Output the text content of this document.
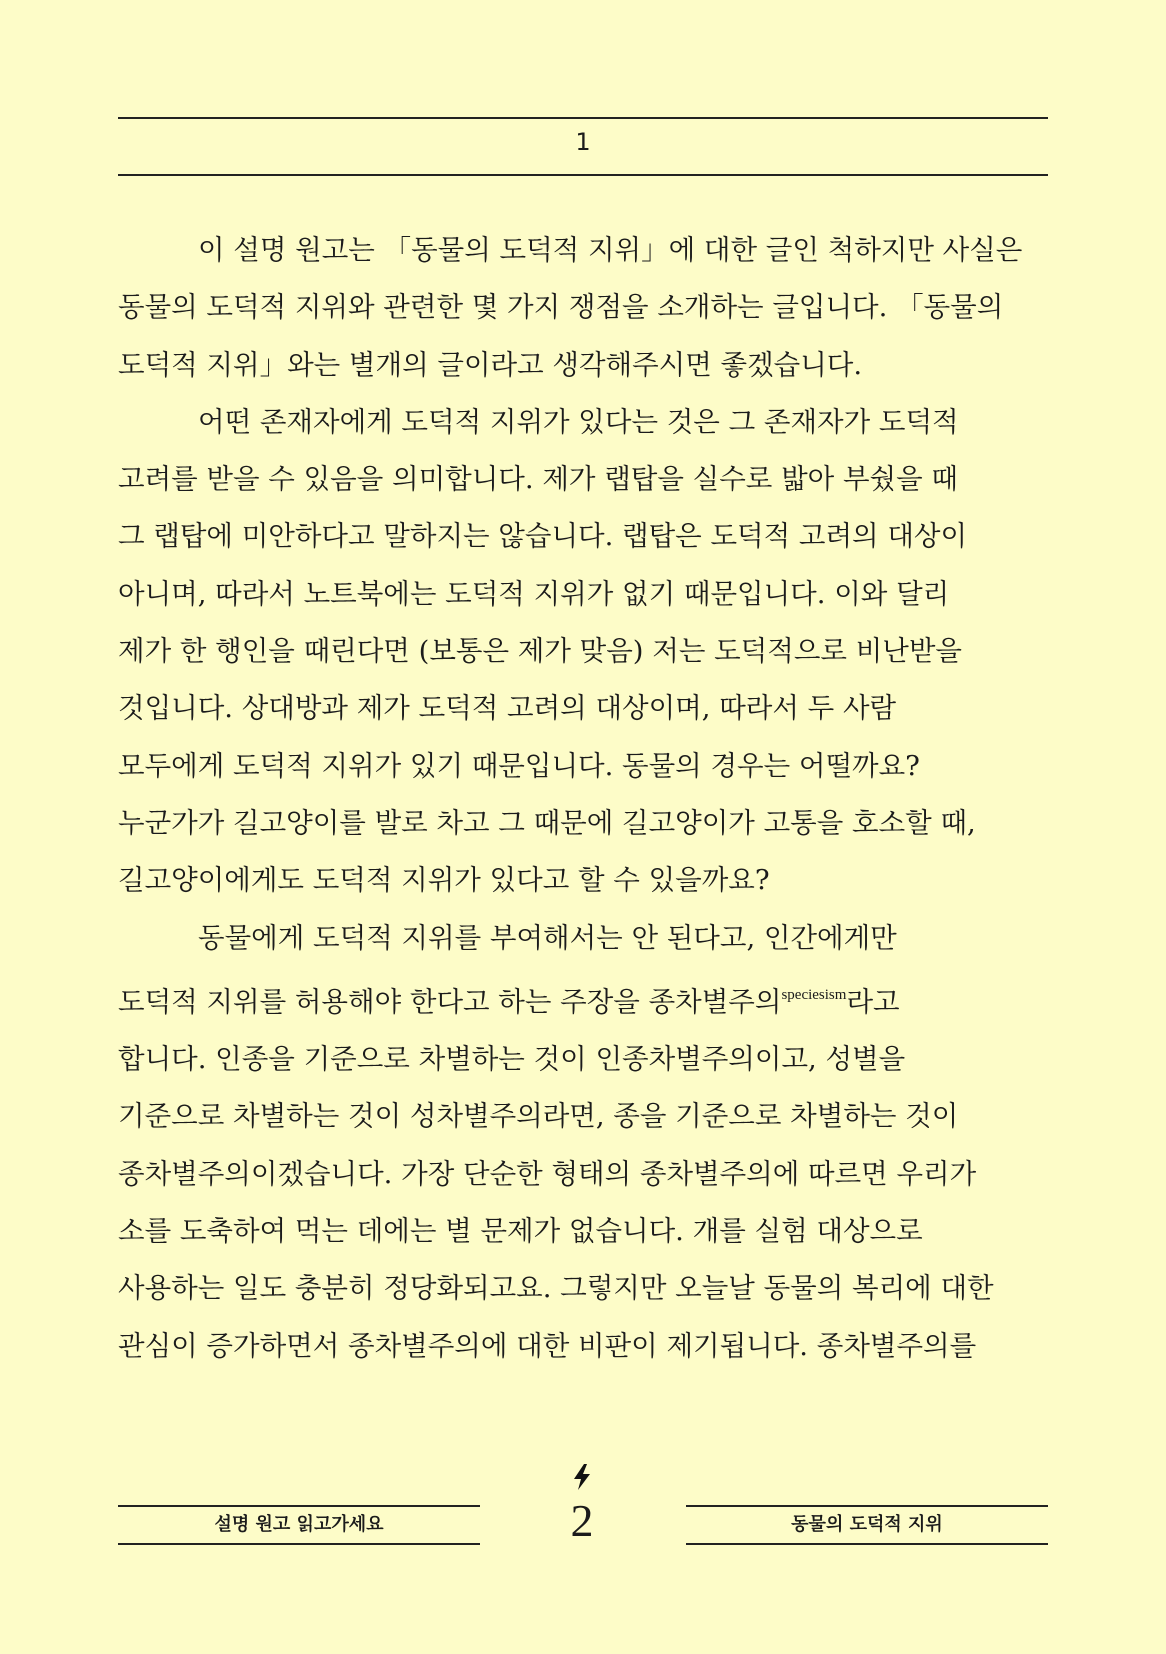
1
이 설명 원고는 「동물의 도덕적 지위」에 대한 글인 척하지만 사실은
동물의 도덕적 지위와 관련한 몇 가지 쟁점을 소개하는 글입니다. 「동물의
도덕적 지위」와는 별개의 글이라고 생각해주시면 좋겠습니다.
어떤 존재자에게 도덕적 지위가 있다는 것은 그 존재자가 도덕적
고려를 받을 수 있음을 의미합니다. 제가 랩탑을 실수로 밟아 부쉈을 때
그 랩탑에 미안하다고 말하지는 않습니다. 랩탑은 도덕적 고려의 대상이
아니며, 따라서 노트북에는 도덕적 지위가 없기 때문입니다. 이와 달리
제가 한 행인을 때린다면 (보통은 제가 맞음) 저는 도덕적으로 비난받을
것입니다. 상대방과 제가 도덕적 고려의 대상이며, 따라서 두 사람
모두에게 도덕적 지위가 있기 때문입니다. 동물의 경우는 어떨까요?
누군가가 길고양이를 발로 차고 그 때문에 길고양이가 고통을 호소할 때,
길고양이에게도 도덕적 지위가 있다고 할 수 있을까요?
동물에게 도덕적 지위를 부여해서는 안 된다고, 인간에게만
도덕적 지위를 허용해야 한다고 하는 주장을 종차별주의$^{speciesism}$라고
합니다. 인종을 기준으로 차별하는 것이 인종차별주의이고, 성별을
기준으로 차별하는 것이 성차별주의라면, 종을 기준으로 차별하는 것이
종차별주의이겠습니다. 가장 단순한 형태의 종차별주의에 따르면 우리가
소를 도축하여 먹는 데에는 별 문제가 없습니다. 개를 실험 대상으로
사용하는 일도 충분히 정당화되고요. 그렇지만 오늘날 동물의 복리에 대한
관심이 증가하면서 종차별주의에 대한 비판이 제기됩니다. 종차별주의를
설명 원고 읽고가세요	2	동물의 도덕적 지위
